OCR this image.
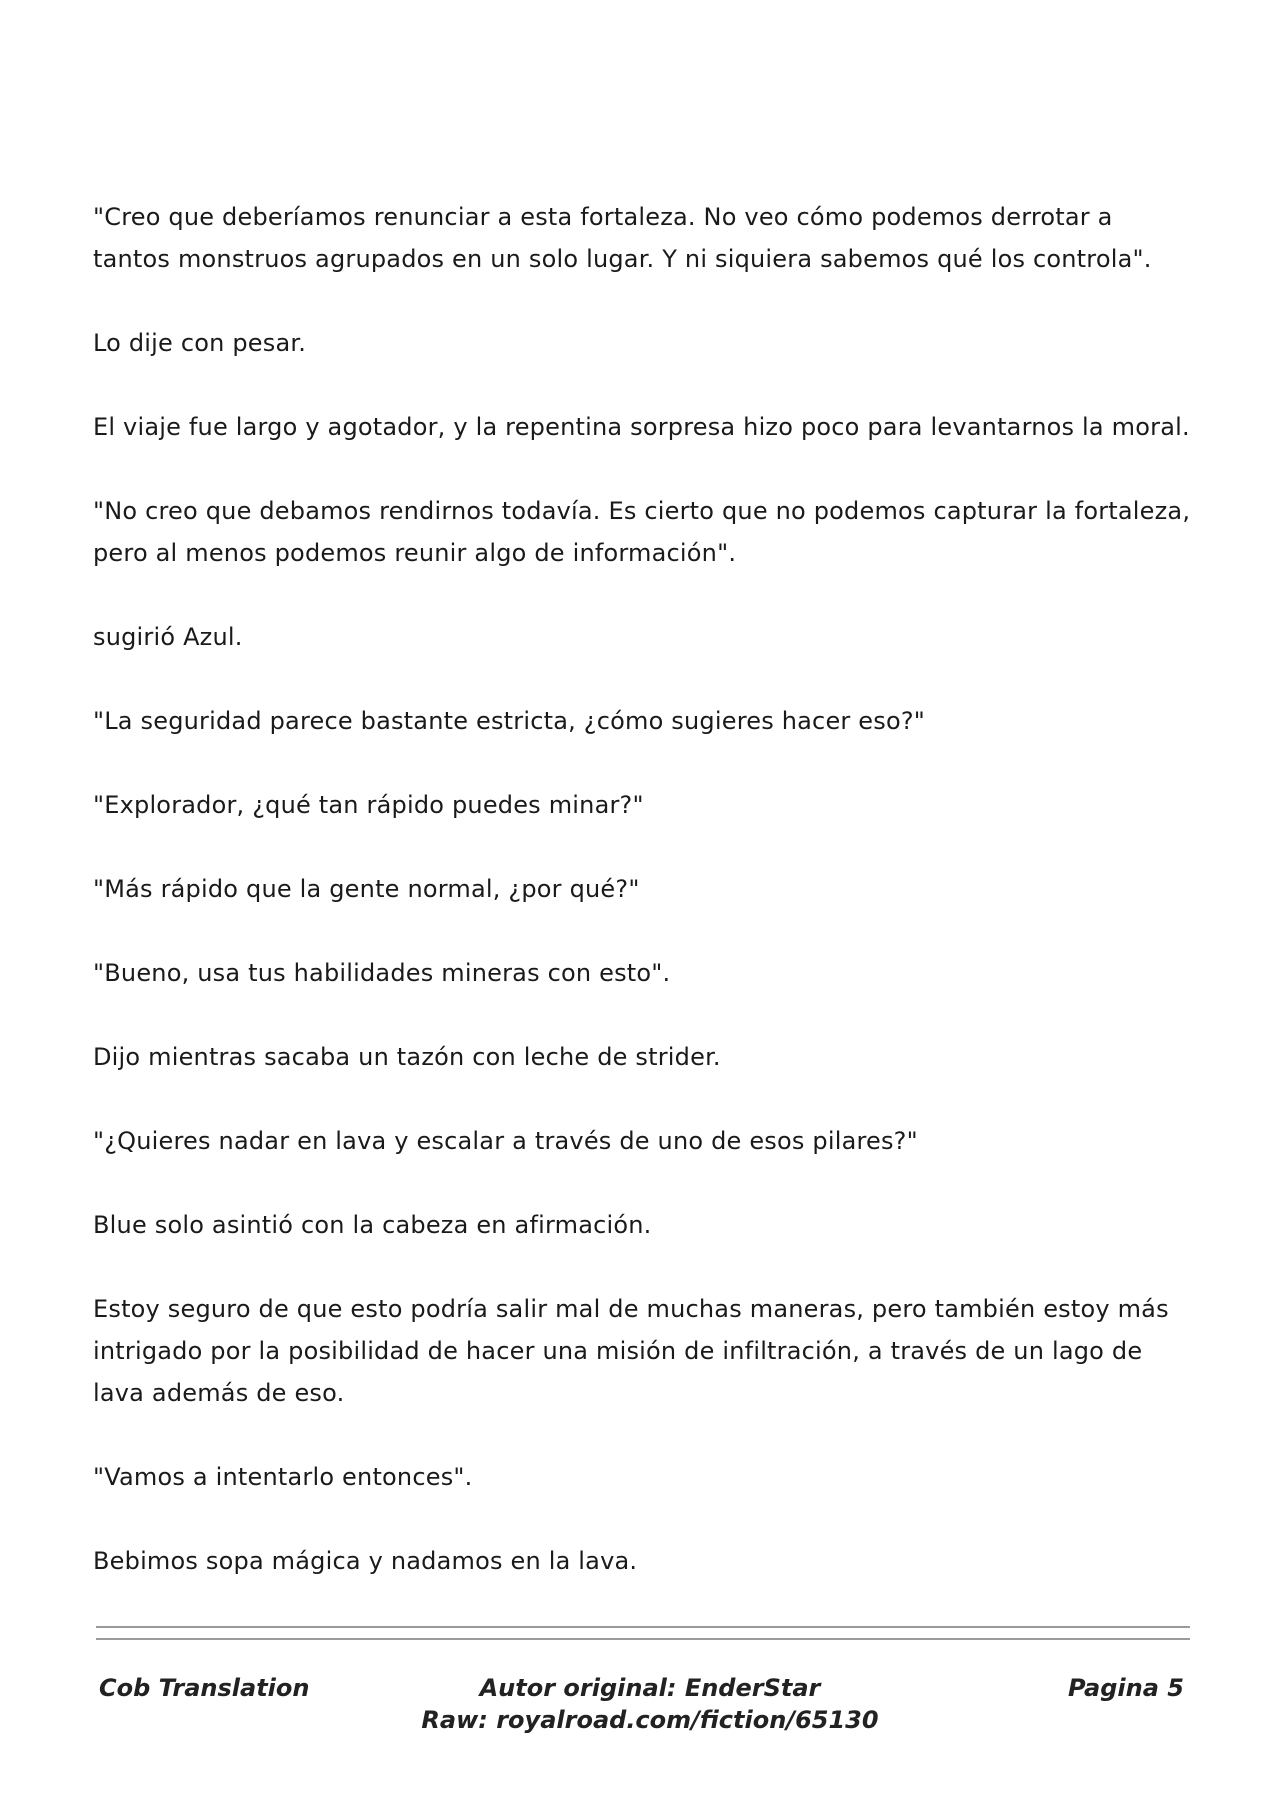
"Creo que deberíamos renunciar a esta fortaleza. No veo cómo podemos derrotar a tantos monstruos agrupados en un solo lugar. Y ni siquiera sabemos qué los controla".

Lo dije con pesar.

El viaje fue largo y agotador, y la repentina sorpresa hizo poco para levantarnos la moral.

"No creo que debamos rendirnos todavía. Es cierto que no podemos capturar la fortaleza, pero al menos podemos reunir algo de información".

sugirió Azul.

"La seguridad parece bastante estricta, ¿cómo sugieres hacer eso?"

"Explorador, ¿qué tan rápido puedes minar?"

"Más rápido que la gente normal, ¿por qué?"

"Bueno, usa tus habilidades mineras con esto".

Dijo mientras sacaba un tazón con leche de strider.

"¿Quieres nadar en lava y escalar a través de uno de esos pilares?"

Blue solo asintió con la cabeza en afirmación.

Estoy seguro de que esto podría salir mal de muchas maneras, pero también estoy más intrigado por la posibilidad de hacer una misión de infiltración, a través de un lago de lava además de eso.

"Vamos a intentarlo entonces".

Bebimos sopa mágica y nadamos en la lava.

Cob Translation	Autor original: EnderStar
Raw: royalroad.com/fiction/65130
Pagina 5
